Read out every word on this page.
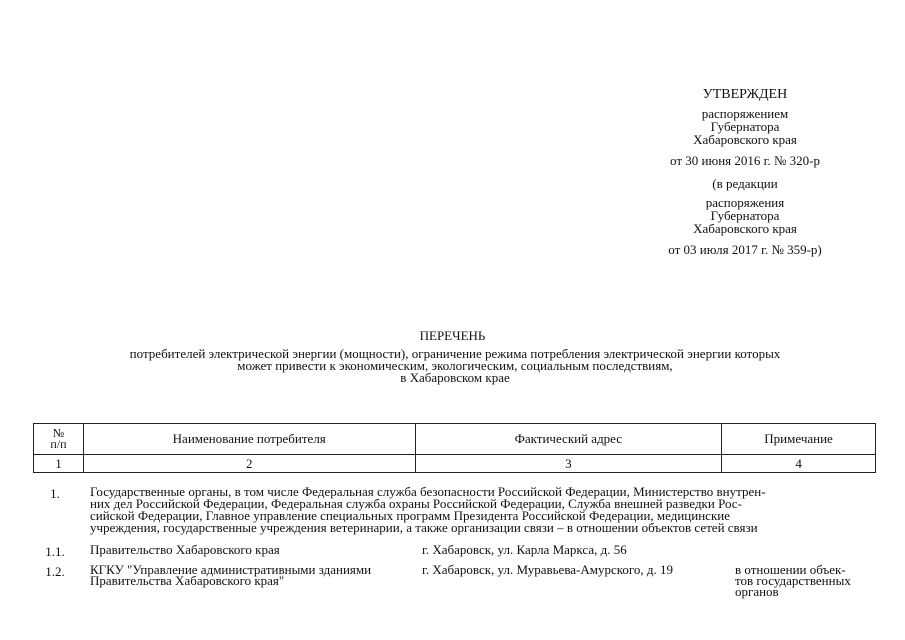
УТВЕРЖДЕН
распоряжением
Губернатора
Хабаровского края
от 30 июня 2016 г. № 320-р
(в редакции
распоряжения
Губернатора
Хабаровского края
от 03 июля 2017 г. № 359-р)
ПЕРЕЧЕНЬ
потребителей электрической энергии (мощности), ограничение режима потребления электрической энергии которых
может привести к экономическим, экологическим, социальным последствиям,
в Хабаровском крае
№
п/п	Наименование потребителя	Фактический адрес	Примечание
1	2	3	4
1.	Государственные органы, в том числе Федеральная служба безопасности Российской Федерации, Министерство внутрен-
них дел Российской Федерации, Федеральная служба охраны Российской Федерации, Служба внешней разведки Рос-
сийской Федерации, Главное управление специальных программ Президента Российской Федерации, медицинские
учреждения, государственные учреждения ветеринарии, а также организации связи – в отношении объектов сетей связи
1.1.	Правительство Хабаровского края	г. Хабаровск, ул. Карла Маркса, д. 56
1.2.	КГКУ "Управление административными зданиями
Правительства Хабаровского края"
г. Хабаровск, ул. Муравьева-Амурского, д. 19	в отношении объек-
тов государственных
органов
